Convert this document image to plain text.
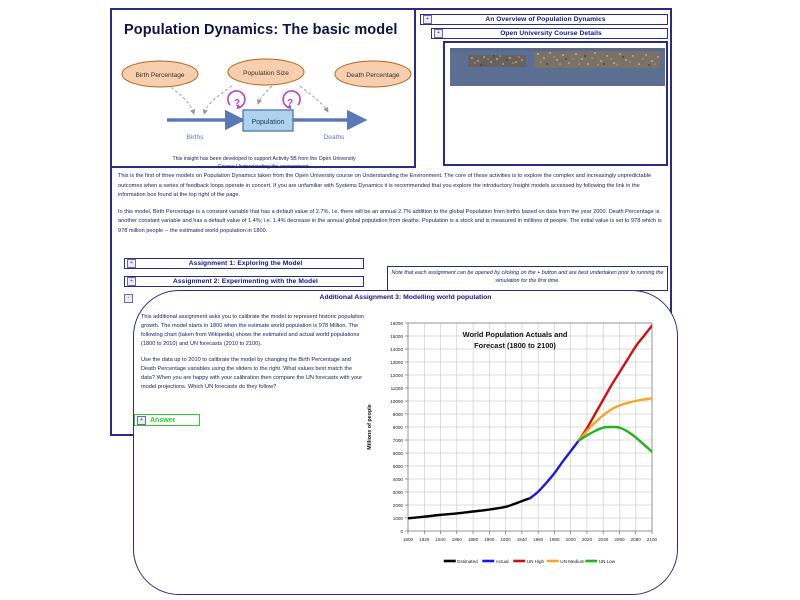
Population Dynamics: The basic model
Population
Births	Deaths
Birth Percentage	Population Size	Death Percentage
?	?
This insight has been developed to support Activity 5B from the Open University
Course Understanding the environment.
+	An Overview of Population Dynamics
+	Open University Course Details

This is the first of three models on Population Dynamics taken from the Open University course on Understanding the Environment. The core of these activities is to explore the complex and increasingly unpredictable outcomes when a series of feedback loops operate in concert. If you are unfamiliar with Systems Dynamics it is recommended that you explore the introductory Insight models accessed by following the link in the information box found at the top right of the page.

In this model, Birth Percentage is a constant variable that has a default value of 2.7%, i.e. there will be an annual 2.7% addition to the global Population from births based on data from the year 2000. Death Percentage is another constant variable and has a default value of 1.4%; i.e. 1.4% decrease in the annual global population from deaths. Population is a stock and is measured in millions of people. The initial value is set to 978 which is 978 million people -- the estimated world population in 1800.

+	Assignment 1: Exploring the Model
+	Assignment 2: Experimenting with the Model
Note that each assignment can be opened by clicking on the + button and are best undertaken prior to running the simulation for the first time.
-	Additional Assignment 3: Modelling world population

This additional assignment asks you to calibrate the model to represent historic population growth. The model starts in 1800 when the estimate world population is 978 Million. The following chart (taken from Wikipedia) shows the estimated and actual world populations (1800 to 2010) and UN forecasts (2010 to 2100).

Use the data up to 2010 to calibrate the model by changing the Birth Percentage and Death Percentage variables using the sliders to the right. What values best match the data? When you are happy with your calibration then compare the UN forecasts with your model projections. Which UN forecasts do they follow?

+	Answer
0
1000
2000
3000
4000
5000
6000
7000
8000
9000
10000
11000
12000
13000
14000
15000
16000
1800 1820 1840 1860 1880 1900 1920 1940 1960 1980 2000 2020 2040 2060 2080 2100
World Population Actuals and
Forecast (1800 to 2100)
Millions of people
Estimated	Actual	UN High	UN Medium	UN Low
